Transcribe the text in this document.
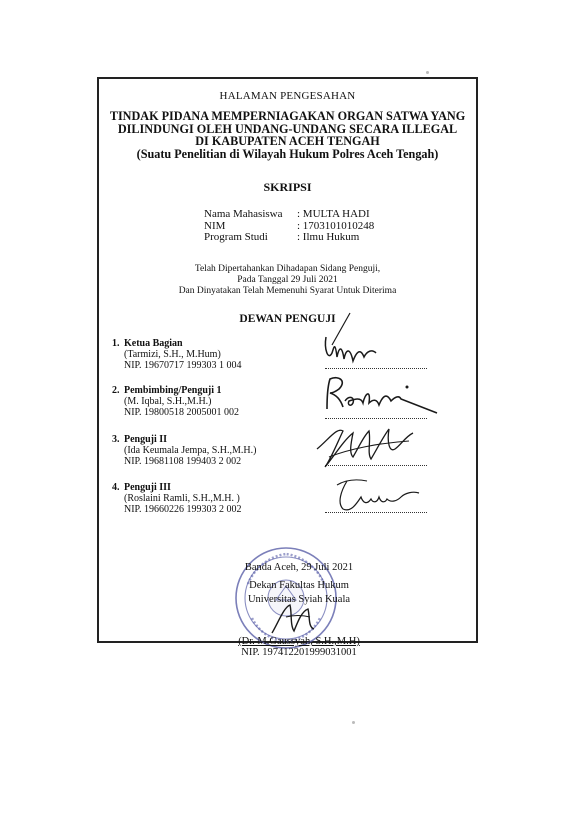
HALAMAN PENGESAHAN
TINDAK PIDANA MEMPERNIAGAKAN ORGAN SATWA YANG
DILINDUNGI OLEH UNDANG-UNDANG SECARA ILLEGAL
DI KABUPATEN ACEH TENGAH
(Suatu Penelitian di Wilayah Hukum Polres Aceh Tengah)
SKRIPSI
Nama Mahasiswa
NIM
Program Studi
: MULTA HADI
: 1703101010248
: Ilmu Hukum
Telah Dipertahankan Dihadapan Sidang Penguji,
Pada Tanggal 29 Juli 2021
Dan Dinyatakan Telah Memenuhi Syarat Untuk Diterima
DEWAN PENGUJI
1. Ketua Bagian
(Tarmizi, S.H., M.Hum)
NIP. 19670717 199303 1 004
2. Pembimbing/Penguji 1
(M. Iqbal, S.H.,M.H.)
NIP. 19800518 2005001 002
3. Penguji II
(Ida Keumala Jempa, S.H.,M.H.)
NIP. 19681108 199403 2 002
4. Penguji III
(Roslaini Ramli, S.H.,M.H. )
NIP. 19660226 199303 2 002
Banda Aceh, 29 Juli 2021
Dekan Fakultas Hukum
Universitas Syiah Kuala
(Dr. M.Gaussyah, S.H.,M.H)
NIP. 197412201999031001
